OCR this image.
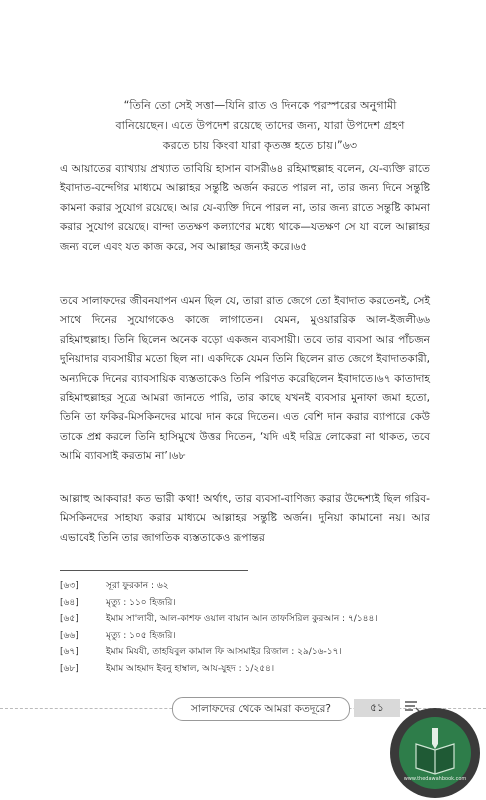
“তিনি তো সেই সত্তা—যিনি রাত ও দিনকে পরস্পরের অনুগামী
বানিয়েছেন। এতে উপদেশ রয়েছে তাদের জন্য, যারা উপদেশ গ্রহণ
করতে চায় কিংবা যারা কৃতজ্ঞ হতে চায়।”৬৩
এ আয়াতের ব্যাখ্যায় প্রখ্যাত তাবিয়ি হাসান বাসরী৬৪ রহিমাহুল্লাহ বলেন, যে-ব্যক্তি রাতে ইবাদাত-বন্দেগির মাধ্যমে আল্লাহর সন্তুষ্টি অর্জন করতে পারল না, তার জন্য দিনে সন্তুষ্টি কামনা করার সুযোগ রয়েছে। আর যে-ব্যক্তি দিনে পারল না, তার জন্য রাতে সন্তুষ্টি কামনা করার সুযোগ রয়েছে। বান্দা ততক্ষণ কল্যাণের মধ্যে থাকে—যতক্ষণ সে যা বলে আল্লাহর জন্য বলে এবং যত কাজ করে, সব আল্লাহর জন্যই করে।৬৫
তবে সালাফদের জীবনযাপন এমন ছিল যে, তারা রাত জেগে তো ইবাদাত করতেনই, সেই সাথে দিনের সুযোগকেও কাজে লাগাতেন। যেমন, মুওয়াররিক আল-ইজলী৬৬ রহিমাহুল্লাহ। তিনি ছিলেন অনেক বড়ো একজন ব্যবসায়ী। তবে তার ব্যবসা আর পাঁচজন দুনিয়াদার ব্যবসায়ীর মতো ছিল না। একদিকে যেমন তিনি ছিলেন রাত জেগে ইবাদাতকারী, অন্যদিকে দিনের ব্যাবসায়িক ব্যস্ততাকেও তিনি পরিণত করেছিলেন ইবাদাতে।৬৭ কাতাদাহ রহিমাহুল্লাহর সূত্রে আমরা জানতে পারি, তার কাছে যখনই ব্যবসার মুনাফা জমা হতো, তিনি তা ফকির-মিসকিনদের মাঝে দান করে দিতেন। এত বেশি দান করার ব্যাপারে কেউ তাকে প্রশ্ন করলে তিনি হাসিমুখে উত্তর দিতেন, ‘যদি এই দরিদ্র লোকেরা না থাকত, তবে আমি ব্যাবসাই করতাম না’।৬৮
আল্লাহু আকবার! কত ভারী কথা! অর্থাৎ, তার ব্যবসা-বাণিজ্য করার উদ্দেশ্যই ছিল গরিব-মিসকিনদের সাহায্য করার মাধ্যমে আল্লাহর সন্তুষ্টি অর্জন। দুনিয়া কামানো নয়। আর এভাবেই তিনি তার জাগতিক ব্যস্ততাকেও রূপান্তর
[৬৩]	সূরা ফুরকান : ৬২
[৬৪]	মৃত্যু : ১১০ হিজরি।
[৬৫]	ইমাম সা'লাবী, আল-কাশফ ওয়াল বায়ান আন তাফসিরিল কুরআন : ৭/১৪৪।
[৬৬]	মৃত্যু : ১০৫ হিজরি।
[৬৭]	ইমাম মিযযী, তাহযিবুল কামাল ফি আসমাইর রিজাল : ২৯/১৬-১৭।
[৬৮]	ইমাম আহমাদ ইবনু হাম্বাল, আয-যুহদ : ১/২৫৪।
সালাফদের থেকে আমরা কতদূরে?	৫১
www.thedawahbook.com
